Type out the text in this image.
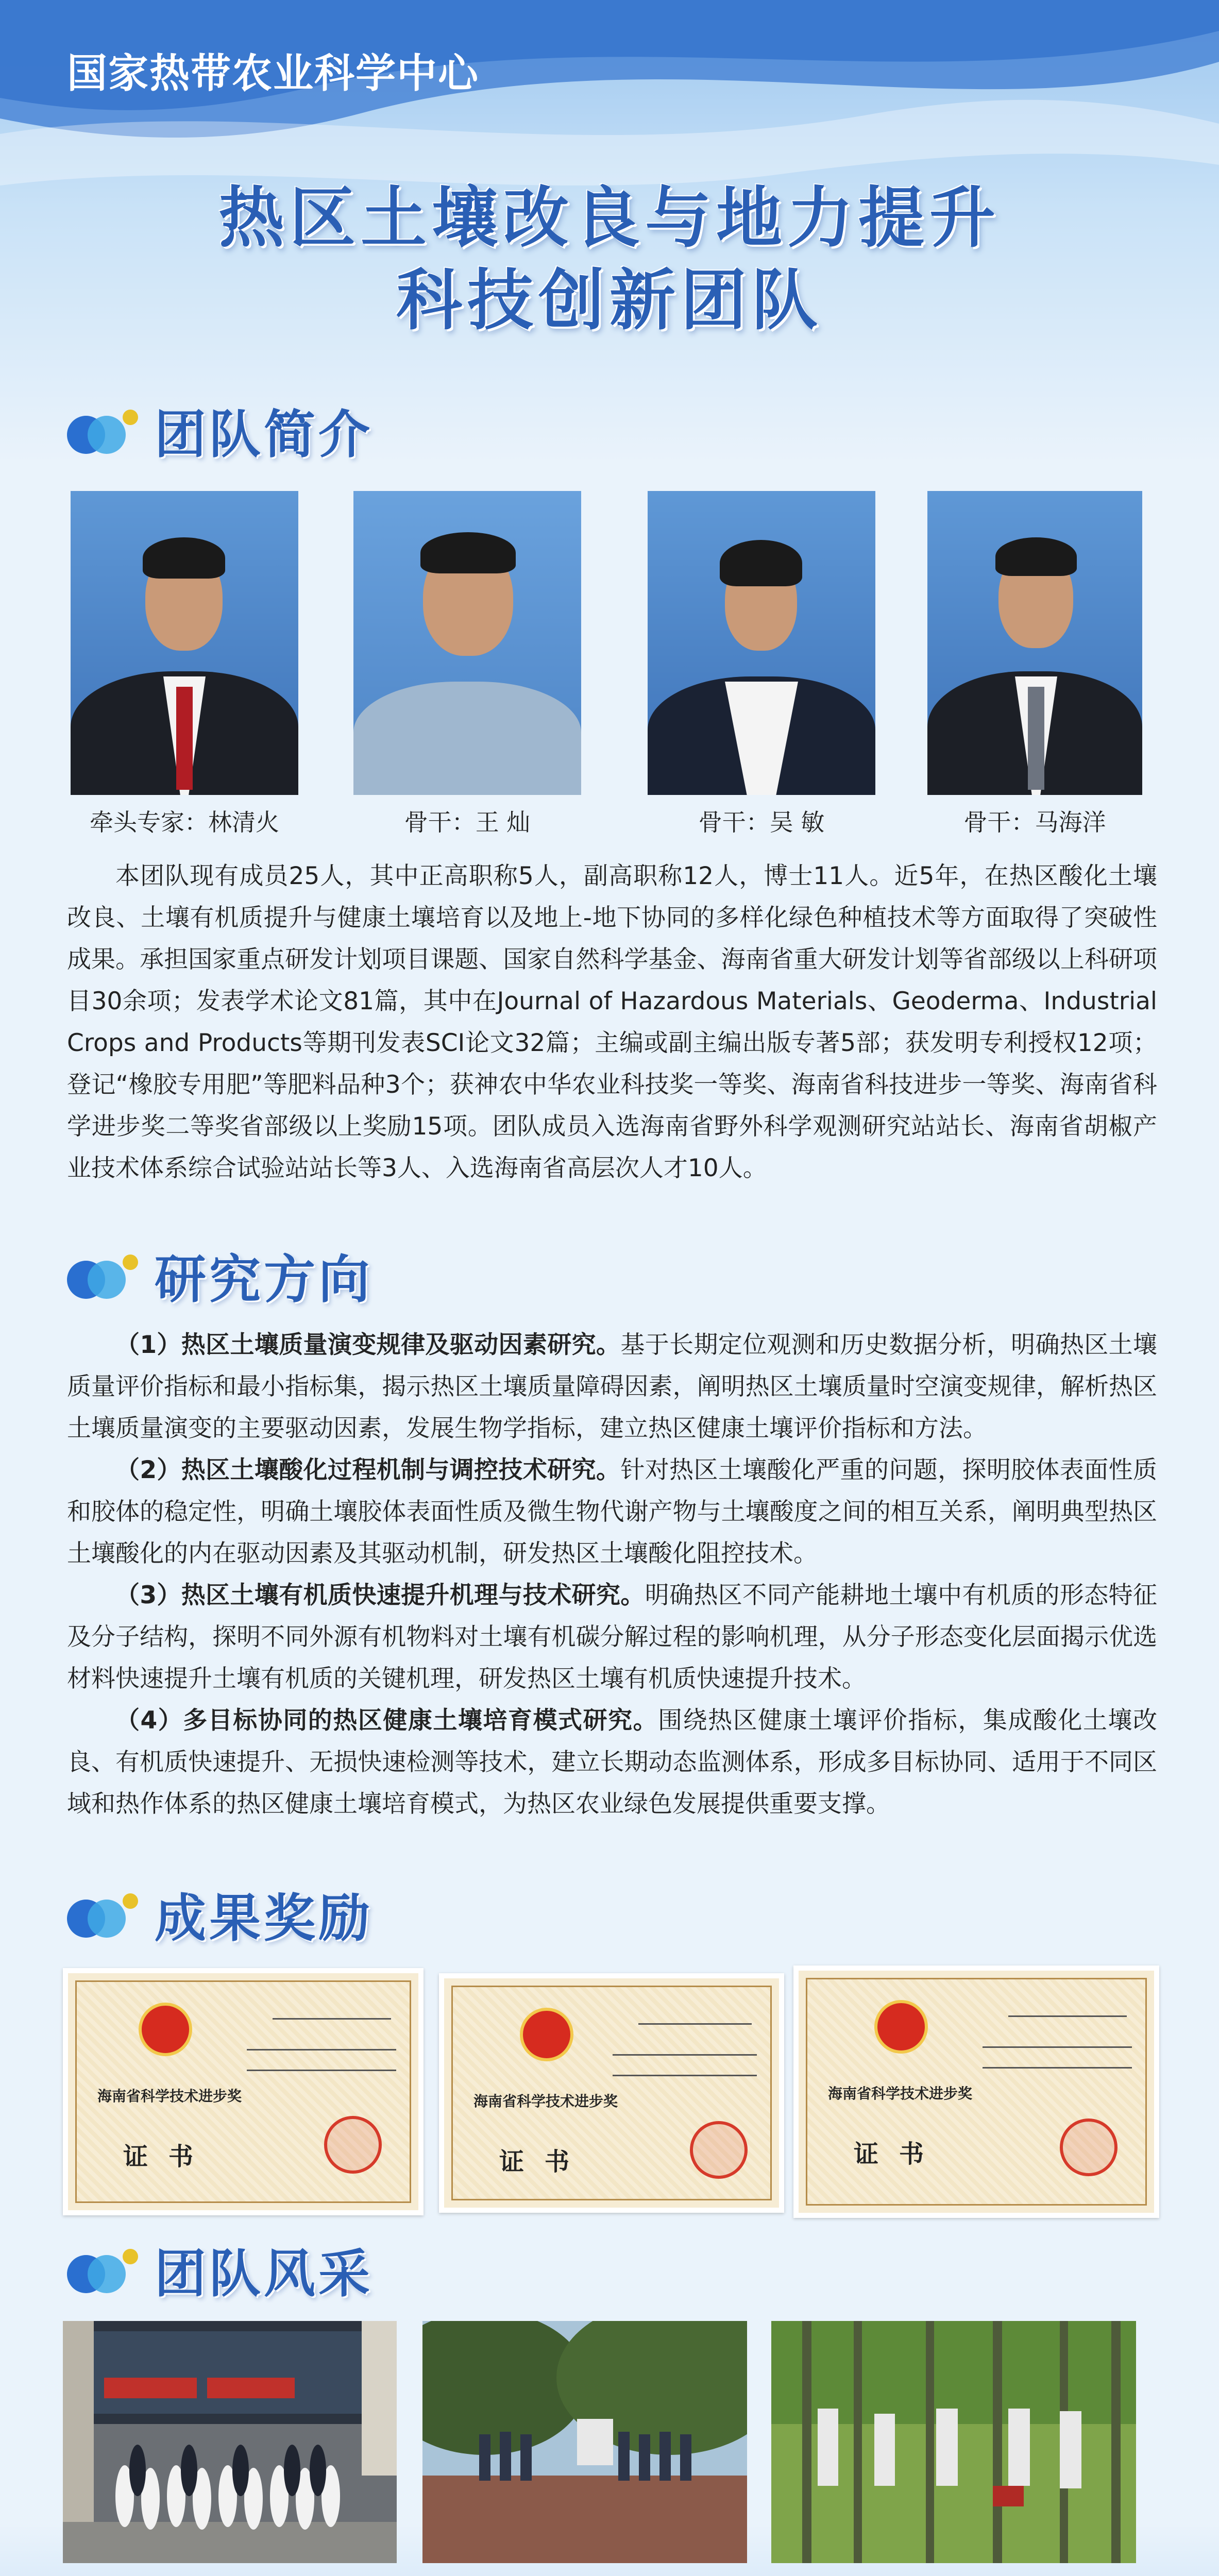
国家热带农业科学中心
热区土壤改良与地力提升
科技创新团队
团队简介
牵头专家：林清火	骨干：王 灿	骨干：吴 敏	骨干：马海洋
本团队现有成员25人，其中正高职称5人，副高职称12人，博士11人。近5年，在热区酸化土壤改良、土壤有机质提升与健康土壤培育以及地上-地下协同的多样化绿色种植技术等方面取得了突破性成果。承担国家重点研发计划项目课题、国家自然科学基金、海南省重大研发计划等省部级以上科研项目30余项；发表学术论文81篇，其中在Journal of Hazardous Materials、Geoderma、Industrial Crops and Products等期刊发表SCI论文32篇；主编或副主编出版专著5部；获发明专利授权12项；登记“橡胶专用肥”等肥料品种3个；获神农中华农业科技奖一等奖、海南省科技进步一等奖、海南省科学进步奖二等奖省部级以上奖励15项。团队成员入选海南省野外科学观测研究站站长、海南省胡椒产业技术体系综合试验站站长等3人、入选海南省高层次人才10人。
研究方向
（1）热区土壤质量演变规律及驱动因素研究。基于长期定位观测和历史数据分析，明确热区土壤质量评价指标和最小指标集，揭示热区土壤质量障碍因素，阐明热区土壤质量时空演变规律，解析热区土壤质量演变的主要驱动因素，发展生物学指标，建立热区健康土壤评价指标和方法。
（2）热区土壤酸化过程机制与调控技术研究。针对热区土壤酸化严重的问题，探明胶体表面性质和胶体的稳定性，明确土壤胶体表面性质及微生物代谢产物与土壤酸度之间的相互关系，阐明典型热区土壤酸化的内在驱动因素及其驱动机制，研发热区土壤酸化阻控技术。
（3）热区土壤有机质快速提升机理与技术研究。明确热区不同产能耕地土壤中有机质的形态特征及分子结构，探明不同外源有机物料对土壤有机碳分解过程的影响机理，从分子形态变化层面揭示优选材料快速提升土壤有机质的关键机理，研发热区土壤有机质快速提升技术。
（4）多目标协同的热区健康土壤培育模式研究。围绕热区健康土壤评价指标，集成酸化土壤改良、有机质快速提升、无损快速检测等技术，建立长期动态监测体系，形成多目标协同、适用于不同区域和热作体系的热区健康土壤培育模式，为热区农业绿色发展提供重要支撑。
成果奖励
海南省科学技术进步奖
证书
海南省科学技术进步奖
证书
海南省科学技术进步奖
证书
团队风采
